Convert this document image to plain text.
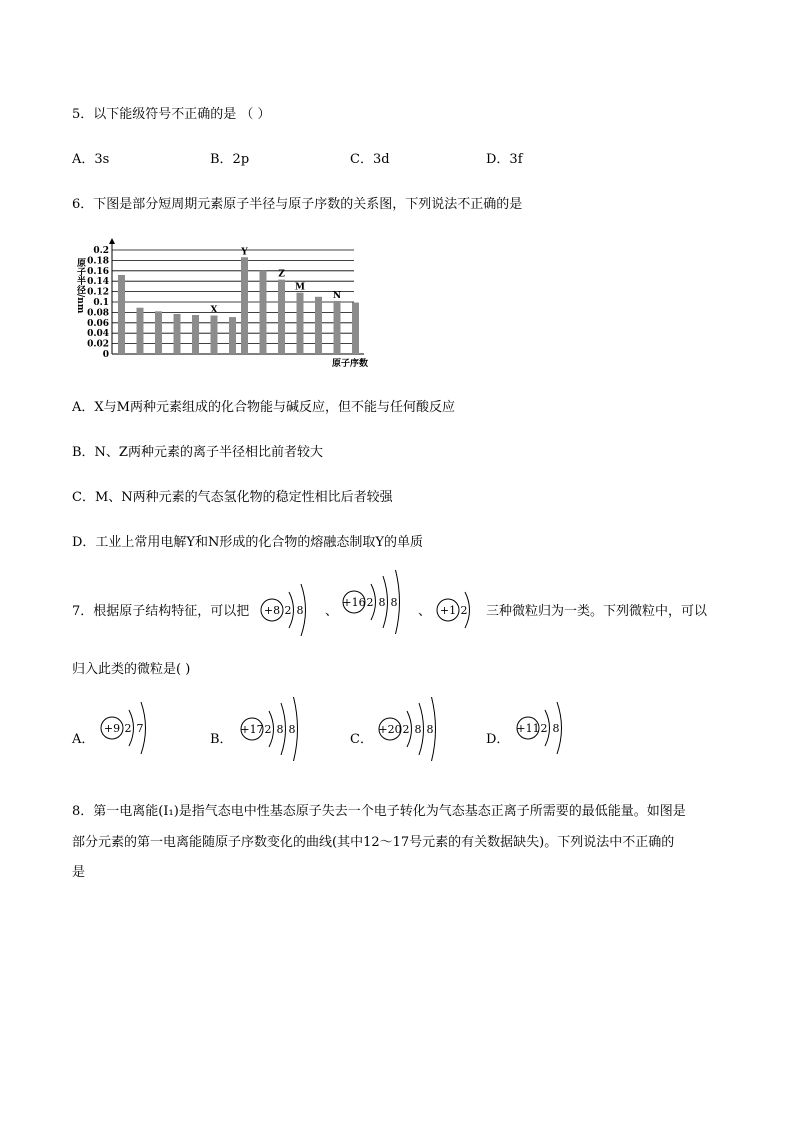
5．以下能级符号不正确的是 （ ）
A．3s	B．2p	C．3d	D．3f
6．下图是部分短周期元素原子半径与原子序数的关系图，下列说法不正确的是
0
0.02
0.04
0.06
0.08
0.1
0.12
0.14
0.16
0.18
0.2
原子半径/nm
原子序数
X
Y
Z
M
N
A．X与M两种元素组成的化合物能与碱反应，但不能与任何酸反应
B．N、Z两种元素的离子半径相比前者较大
C．M、N两种元素的气态氢化物的稳定性相比后者较强
D．工业上常用电解Y和N形成的化合物的熔融态制取Y的单质
7．根据原子结构特征，可以把 +8 2 8 、
+16 2 8 8
、 +1 2 三种微粒归为一类。下列微粒中，可以
归入此类的微粒是( )
A．
+9 2 7
B．
+17 2 8 8
C．
+20 2 8 8
D．
+11 2 8
8．第一电离能(I₁)是指气态电中性基态原子失去一个电子转化为气态基态正离子所需要的最低能量。如图是
部分元素的第一电离能随原子序数变化的曲线(其中12～17号元素的有关数据缺失)。下列说法中不正确的
是
